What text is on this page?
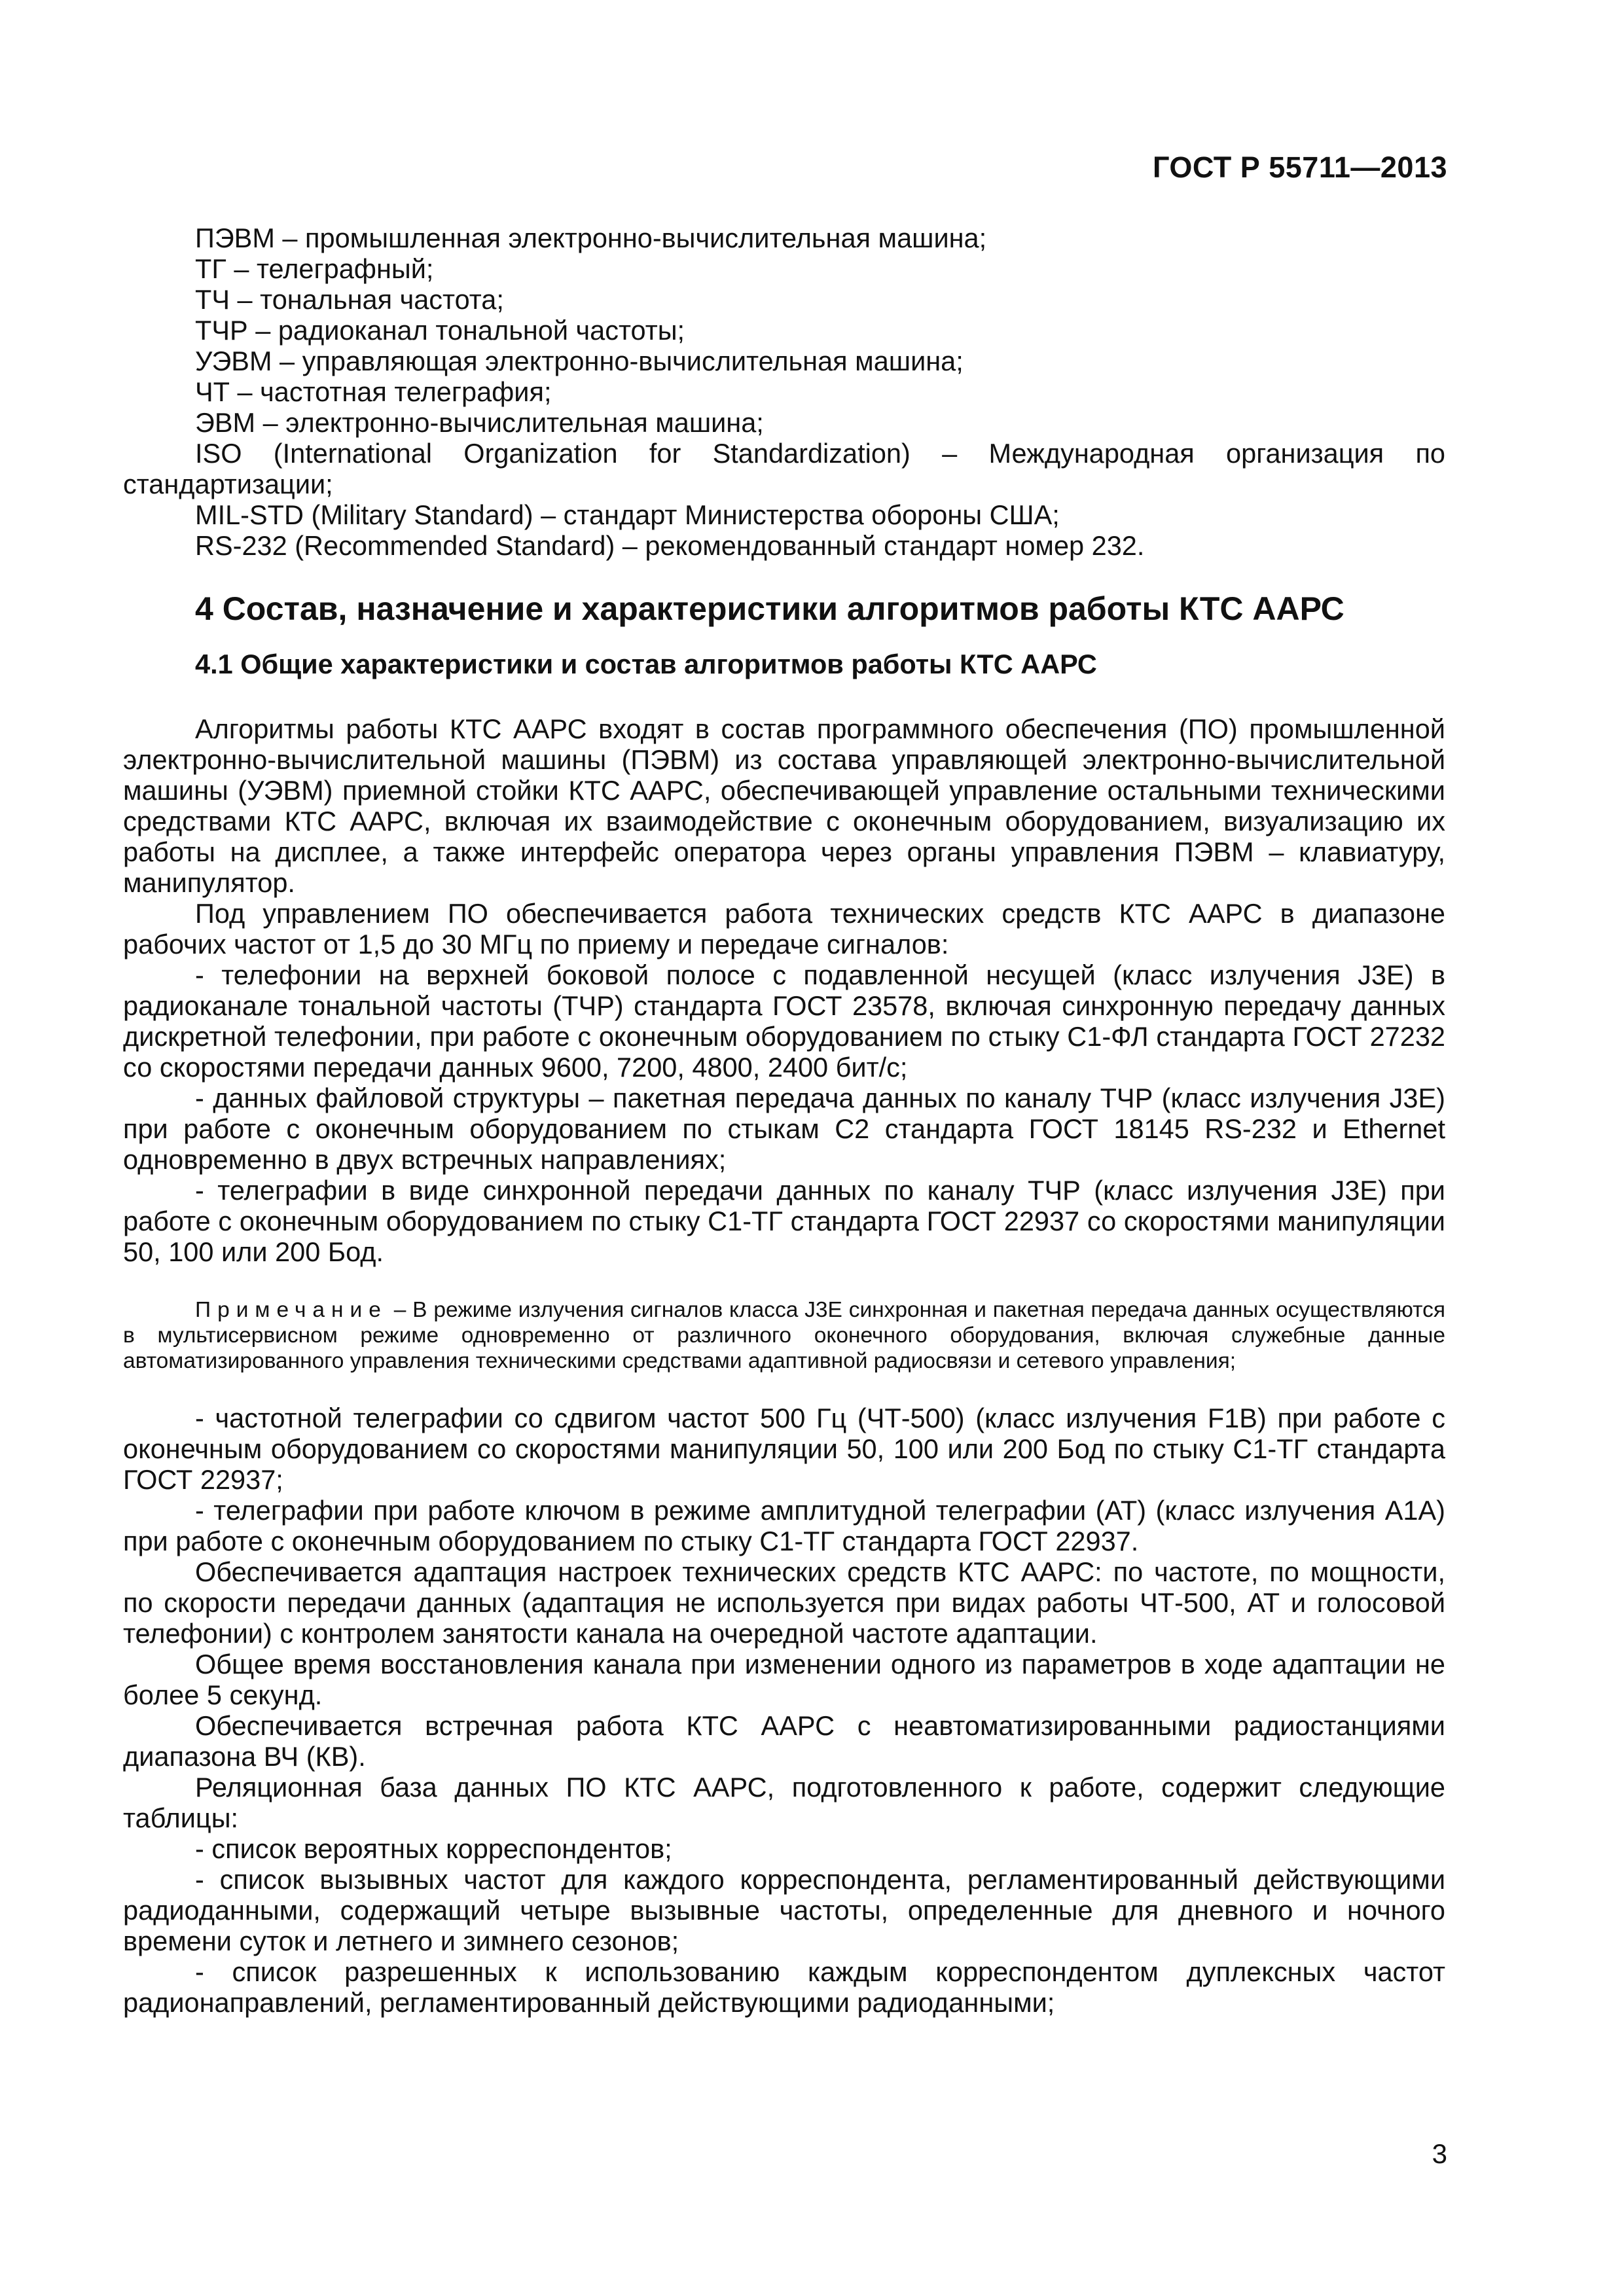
ГОСТ Р 55711—2013

ПЭВМ – промышленная электронно-вычислительная машина;

ТГ – телеграфный;

ТЧ – тональная частота;

ТЧР – радиоканал тональной частоты;

УЭВМ – управляющая электронно-вычислительная машина;

ЧТ – частотная телеграфия;

ЭВМ – электронно-вычислительная машина;

ISO (International Organization for Standardization) – Международная организация по стандартизации;

MIL-STD (Military Standard) – стандарт Министерства обороны США;

RS-232 (Recommended Standard) – рекомендованный стандарт номер 232.

4 Состав, назначение и характеристики алгоритмов работы КТС ААРС
4.1 Общие характеристики и состав алгоритмов работы КТС ААРС

Алгоритмы работы КТС ААРС входят в состав программного обеспечения (ПО) промышленной электронно-вычислительной машины (ПЭВМ) из состава управляющей электронно-вычислительной машины (УЭВМ) приемной стойки КТС ААРС, обеспечивающей управление остальными техническими средствами КТС ААРС, включая их взаимодействие с оконечным оборудованием, визуализацию их работы на дисплее, а также интерфейс оператора через органы управления ПЭВМ – клавиатуру, манипулятор.

Под управлением ПО обеспечивается работа технических средств КТС ААРС в диапазоне рабочих частот от 1,5 до 30 МГц по приему и передаче сигналов:

- телефонии на верхней боковой полосе с подавленной несущей (класс излучения J3E) в радиоканале тональной частоты (ТЧР) стандарта ГОСТ 23578, включая синхронную передачу данных дискретной телефонии, при работе с оконечным оборудованием по стыку С1-ФЛ стандарта ГОСТ 27232 со скоростями передачи данных 9600, 7200, 4800, 2400 бит/с;

- данных файловой структуры – пакетная передача данных по каналу ТЧР (класс излучения J3E) при работе с оконечным оборудованием по стыкам С2 стандарта ГОСТ 18145 RS-232 и Ethernet одновременно в двух встречных направлениях;

- телеграфии в виде синхронной передачи данных по каналу ТЧР (класс излучения J3E) при работе с оконечным оборудованием по стыку С1-ТГ стандарта ГОСТ 22937 со скоростями манипуляции 50, 100 или 200 Бод.

Примечание – В режиме излучения сигналов класса J3E синхронная и пакетная передача данных осуществляются в мультисервисном режиме одновременно от различного оконечного оборудования, включая служебные данные автоматизированного управления техническими средствами адаптивной радиосвязи и сетевого управления;

- частотной телеграфии со сдвигом частот 500 Гц (ЧТ-500) (класс излучения F1B) при работе с оконечным оборудованием со скоростями манипуляции 50, 100 или 200 Бод по стыку С1-ТГ стандарта ГОСТ 22937;

- телеграфии при работе ключом в режиме амплитудной телеграфии (АТ) (класс излучения А1А) при работе с оконечным оборудованием по стыку С1-ТГ стандарта ГОСТ 22937.

Обеспечивается адаптация настроек технических средств КТС ААРС: по частоте, по мощности, по скорости передачи данных (адаптация не используется при видах работы ЧТ-500, АТ и голосовой телефонии) с контролем занятости канала на очередной частоте адаптации.

Общее время восстановления канала при изменении одного из параметров в ходе адаптации не более 5 секунд.

Обеспечивается встречная работа КТС ААРС с неавтоматизированными радиостанциями диапазона ВЧ (КВ).

Реляционная база данных ПО КТС ААРС, подготовленного к работе, содержит следующие таблицы:

- список вероятных корреспондентов;

- список вызывных частот для каждого корреспондента, регламентированный действующими радиоданными, содержащий четыре вызывные частоты, определенные для дневного и ночного времени суток и летнего и зимнего сезонов;

- список разрешенных к использованию каждым корреспондентом дуплексных частот радионаправлений, регламентированный действующими радиоданными;

3
